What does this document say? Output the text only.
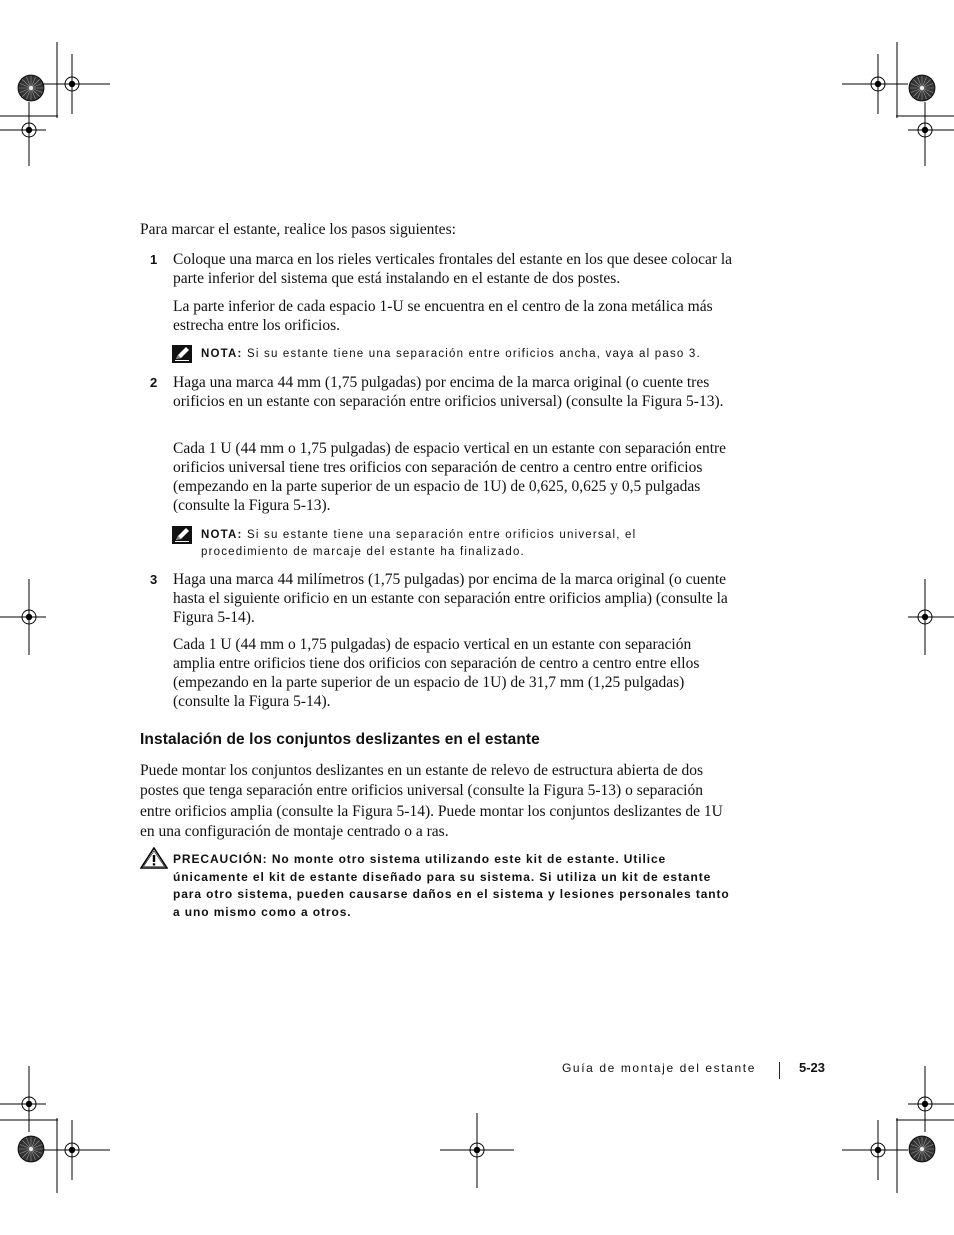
Para marcar el estante, realice los pasos siguientes:
1	Coloque una marca en los rieles verticales frontales del estante en los que desee colocar la parte inferior del sistema que está instalando en el estante de dos postes.
La parte inferior de cada espacio 1-U se encuentra en el centro de la zona metálica más estrecha entre los orificios.
NOTA: Si su estante tiene una separación entre orificios ancha, vaya al paso 3.
2	Haga una marca 44 mm (1,75 pulgadas) por encima de la marca original (o cuente tres orificios en un estante con separación entre orificios universal) (consulte la Figura 5-13).
Cada 1 U (44 mm o 1,75 pulgadas) de espacio vertical en un estante con separación entre orificios universal tiene tres orificios con separación de centro a centro entre orificios (empezando en la parte superior de un espacio de 1U) de 0,625, 0,625 y 0,5 pulgadas (consulte la Figura 5-13).
NOTA: Si su estante tiene una separación entre orificios universal, el procedimiento de marcaje del estante ha finalizado.
3	Haga una marca 44 milímetros (1,75 pulgadas) por encima de la marca original (o cuente hasta el siguiente orificio en un estante con separación entre orificios amplia) (consulte la Figura 5-14).
Cada 1 U (44 mm o 1,75 pulgadas) de espacio vertical en un estante con separación amplia entre orificios tiene dos orificios con separación de centro a centro entre ellos (empezando en la parte superior de un espacio de 1U) de 31,7 mm (1,25 pulgadas) (consulte la Figura 5-14).
Instalación de los conjuntos deslizantes en el estante
Puede montar los conjuntos deslizantes en un estante de relevo de estructura abierta de dos postes que tenga separación entre orificios universal (consulte la Figura 5-13) o separación entre orificios amplia (consulte la Figura 5-14). Puede montar los conjuntos deslizantes de 1U en una configuración de montaje centrado o a ras.
PRECAUCIÓN: No monte otro sistema utilizando este kit de estante. Utilice únicamente el kit de estante diseñado para su sistema. Si utiliza un kit de estante para otro sistema, pueden causarse daños en el sistema y lesiones personales tanto a uno mismo como a otros.
Guía de montaje del estante	5-23
